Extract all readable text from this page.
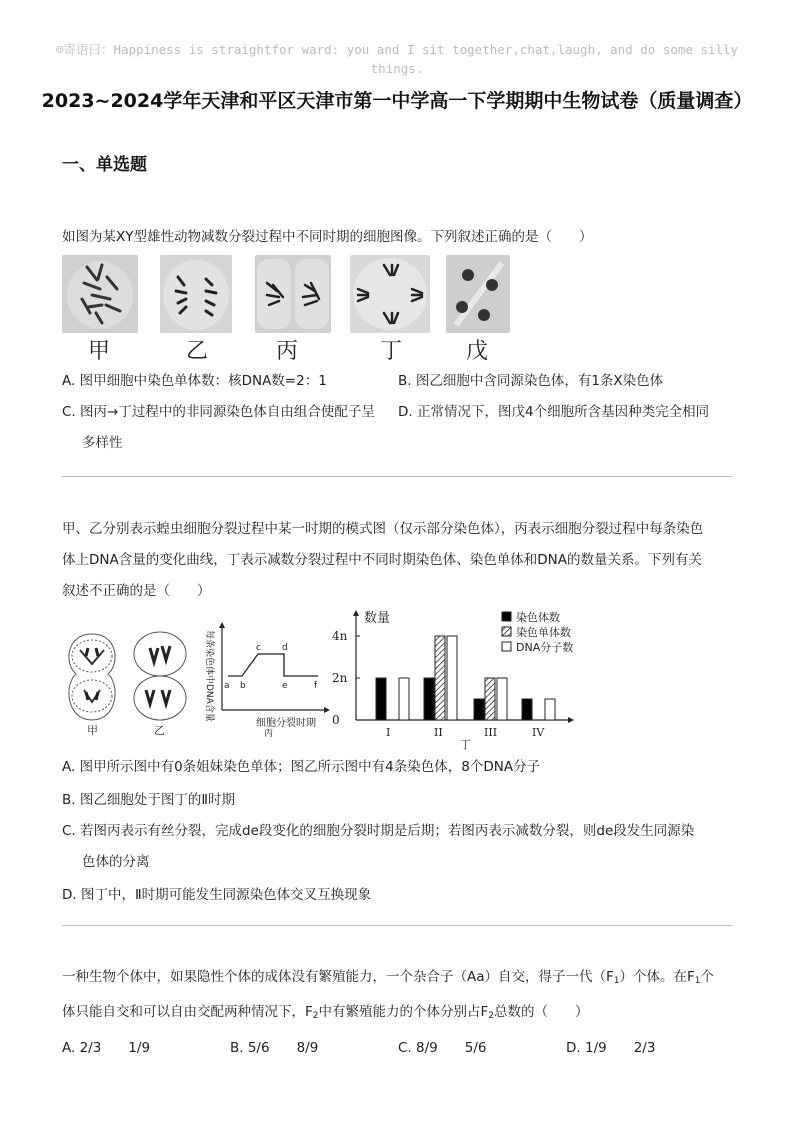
☺寄语曰：Happiness is straightfor ward: you and I sit together,chat,laugh, and do some silly things.
2023~2024学年天津和平区天津市第一中学高一下学期期中生物试卷（质量调查）
一、单选题
如图为某XY型雄性动物减数分裂过程中不同时期的细胞图像。下列叙述正确的是（　　）
甲	乙	丙	丁	戊
A. 图甲细胞中染色单体数：核DNA数=2：1	B. 图乙细胞中含同源染色体，有1条X染色体
C. 图丙→丁过程中的非同源染色体自由组合使配子呈
多样性
D. 正常情况下，图戊4个细胞所含基因种类完全相同
甲、乙分别表示蝗虫细胞分裂过程中某一时期的模式图（仅示部分染色体），丙表示细胞分裂过程中每条染色
体上DNA含量的变化曲线，丁表示减数分裂过程中不同时期染色体、染色单体和DNA的数量关系。下列有关
叙述不正确的是（　　）
甲	乙
每条染色体中DNA含量 a b
c d
e	f
细胞分裂时期
丙
数量
0
2n
4n
I	II	III	IV
丁
染色体数
染色单体数
DNA分子数
A. 图甲所示图中有0条姐妹染色单体；图乙所示图中有4条染色体，8个DNA分子
B. 图乙细胞处于图丁的Ⅱ时期
C. 若图丙表示有丝分裂，完成de段变化的细胞分裂时期是后期；若图丙表示减数分裂，则de段发生同源染
色体的分离
D. 图丁中，Ⅱ时期可能发生同源染色体交叉互换现象
一种生物个体中，如果隐性个体的成体没有繁殖能力，一个杂合子（Aa）自交，得子一代$(F_1)$个体。在$F_1$个
体只能自交和可以自由交配两种情况下，$F_2$中有繁殖能力的个体分别占$F_2$总数的（　　）
A. 2/3　　1/9	B. 5/6　　8/9	C. 8/9　　5/6	D. 1/9　　2/3
